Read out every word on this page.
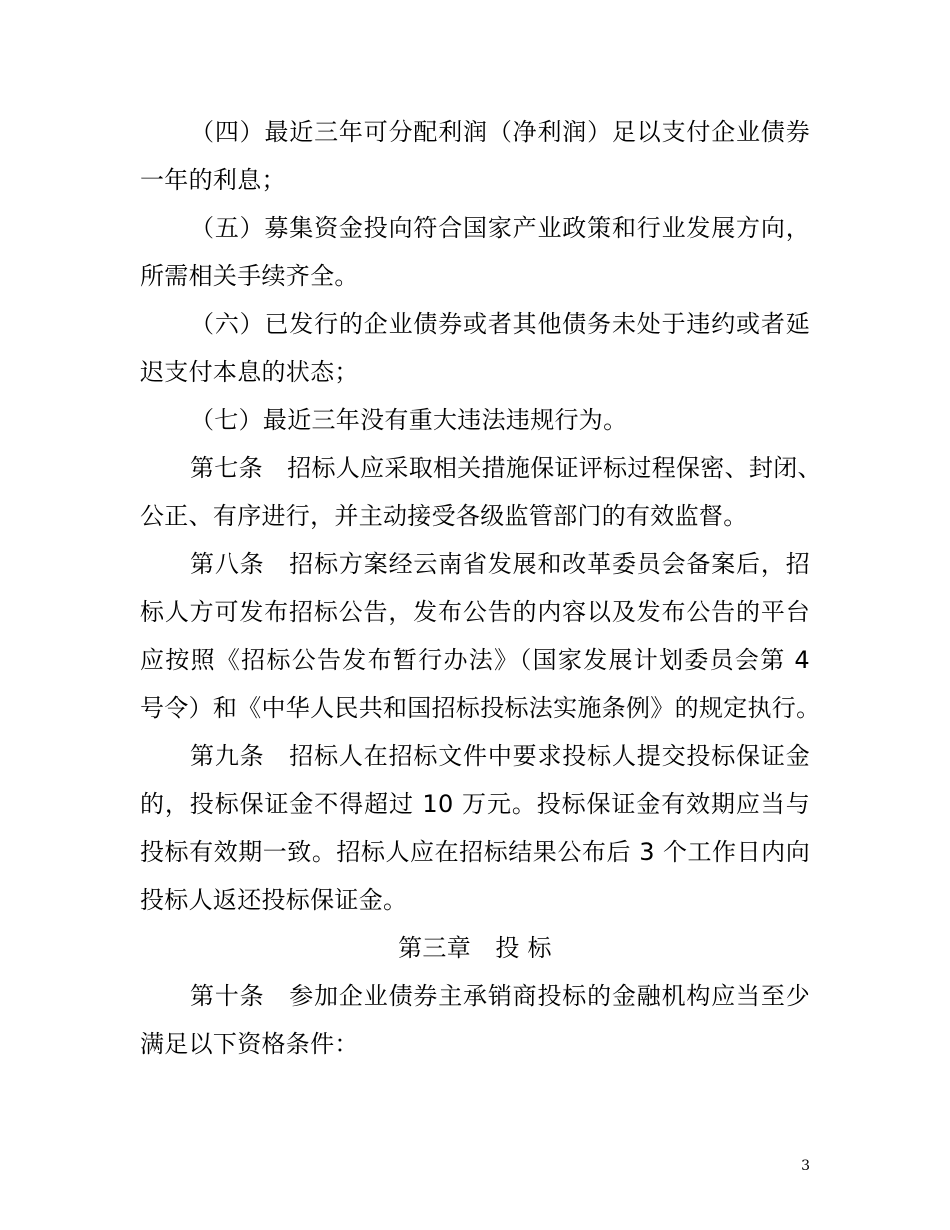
（四）最近三年可分配利润（净利润）足以支付企业债券
一年的利息；
（五）募集资金投向符合国家产业政策和行业发展方向，
所需相关手续齐全。
（六）已发行的企业债券或者其他债务未处于违约或者延
迟支付本息的状态；
（七）最近三年没有重大违法违规行为。
第七条　招标人应采取相关措施保证评标过程保密、封闭、
公正、有序进行，并主动接受各级监管部门的有效监督。
第八条　招标方案经云南省发展和改革委员会备案后，招
标人方可发布招标公告，发布公告的内容以及发布公告的平台
应按照《招标公告发布暂行办法》（国家发展计划委员会第 4
号令）和《中华人民共和国招标投标法实施条例》的规定执行。
第九条　招标人在招标文件中要求投标人提交投标保证金
的，投标保证金不得超过 10 万元。投标保证金有效期应当与
投标有效期一致。招标人应在招标结果公布后 3 个工作日内向
投标人返还投标保证金。
第三章　投 标
第十条　参加企业债券主承销商投标的金融机构应当至少
满足以下资格条件：
3
